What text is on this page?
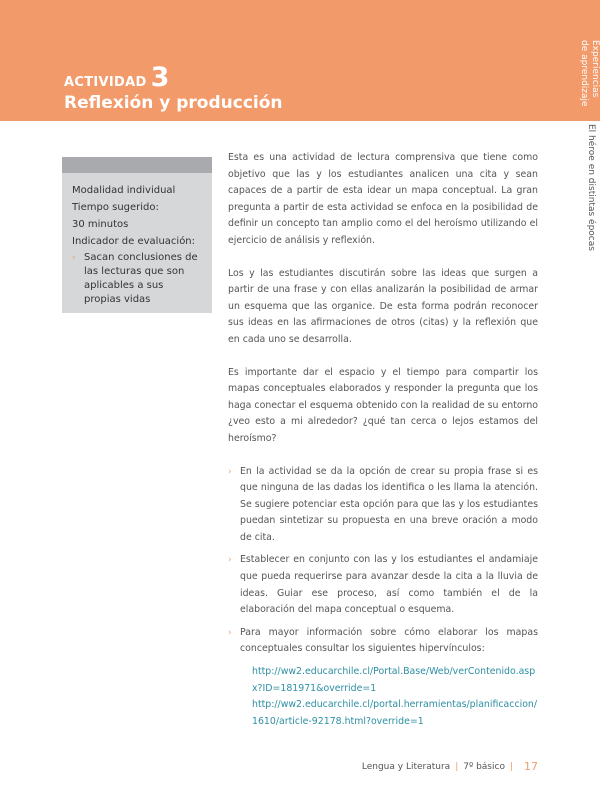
ACTIVIDAD 3
Reflexión y producción
Experiencias
de aprendizaje
El héroe en distintas épocas
Modalidad individual
Tiempo sugerido:
30 minutos
Indicador de evaluación:
› Sacan conclusiones de las lecturas que son aplicables a sus propias vidas

Esta es una actividad de lectura comprensiva que tiene como objetivo que las y los estudiantes analicen una cita y sean capaces de a partir de esta idear un mapa conceptual. La gran pregunta a partir de esta actividad se enfoca en la posibilidad de definir un concepto tan amplio como el del heroísmo utilizando el ejercicio de análisis y reflexión.

Los y las estudiantes discutirán sobre las ideas que surgen a partir de una frase y con ellas analizarán la posibilidad de armar un esquema que las organice. De esta forma podrán reconocer sus ideas en las afirmaciones de otros (citas) y la reflexión que en cada uno se desarrolla.

Es importante dar el espacio y el tiempo para compartir los mapas conceptuales elaborados y responder la pregunta que los haga conectar el esquema obtenido con la realidad de su entorno ¿veo esto a mi alrededor? ¿qué tan cerca o lejos estamos del heroísmo?

› En la actividad se da la opción de crear su propia frase si es que ninguna de las dadas los identifica o les llama la atención. Se sugiere potenciar esta opción para que las y los estudiantes puedan sintetizar su propuesta en una breve oración a modo de cita.
› Establecer en conjunto con las y los estudiantes el andamiaje que pueda requerirse para avanzar desde la cita a la lluvia de ideas. Guiar ese proceso, así como también el de la elaboración del mapa conceptual o esquema.
› Para mayor información sobre cómo elaborar los mapas conceptuales consultar los siguientes hipervínculos:
http://ww2.educarchile.cl/Portal.Base/Web/verContenido.aspx?ID=181971&override=1
http://ww2.educarchile.cl/portal.herramientas/planificaccion/1610/article-92178.html?override=1
Lengua y Literatura | 7º básico | 17
